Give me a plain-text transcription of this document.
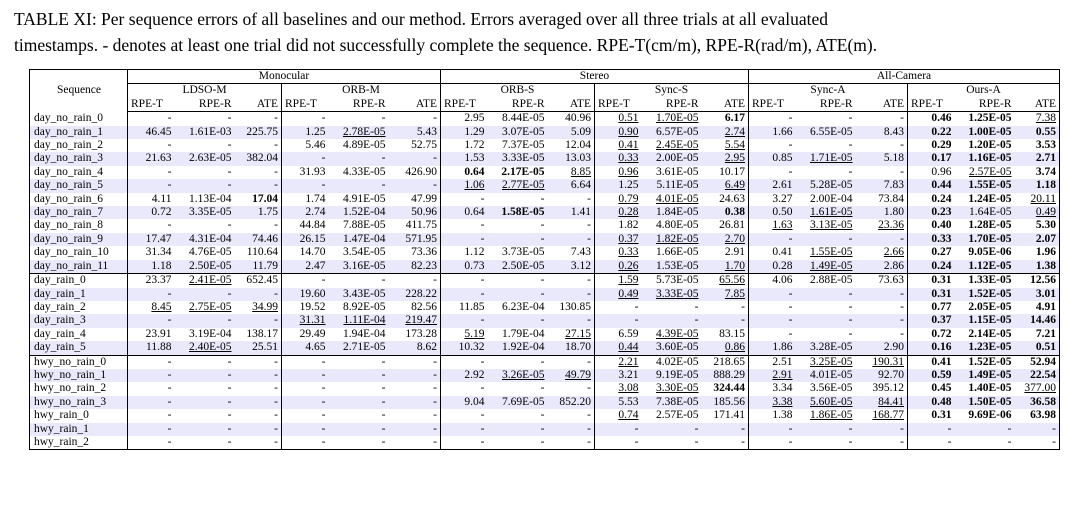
TABLE XI: Per sequence errors of all baselines and our method. Errors averaged over all three trials at all evaluated
timestamps. - denotes at least one trial did not successfully complete the sequence. RPE-T(cm/m), RPE-R(rad/m), ATE(m).
Sequence	Monocular						Stereo						All-Camera					
	LDSO-M			ORB-M			ORB-S			Sync-S			Sync-A			Ours-A		
	RPE-T	RPE-R	ATE	RPE-T	RPE-R	ATE	RPE-T	RPE-R	ATE	RPE-T	RPE-R	ATE	RPE-T	RPE-R	ATE	RPE-T	RPE-R	ATE
day_no_rain_0	-	-	-	-	-	-	2.95	8.44E-05	40.96	0.51	1.70E-05	6.17	-	-	-	0.46	1.25E-05	7.38
day_no_rain_1	46.45	1.61E-03	225.75	1.25	2.78E-05	5.43	1.29	3.07E-05	5.09	0.90	6.57E-05	2.74	1.66	6.55E-05	8.43	0.22	1.00E-05	0.55
day_no_rain_2	-	-	-	5.46	4.89E-05	52.75	1.72	7.37E-05	12.04	0.41	2.45E-05	5.54	-	-	-	0.29	1.20E-05	3.53
day_no_rain_3	21.63	2.63E-05	382.04	-	-	-	1.53	3.33E-05	13.03	0.33	2.00E-05	2.95	0.85	1.71E-05	5.18	0.17	1.16E-05	2.71
day_no_rain_4	-	-	-	31.93	4.33E-05	426.90	0.64	2.17E-05	8.85	0.96	3.61E-05	10.17	-	-	-	0.96	2.57E-05	3.74
day_no_rain_5	-	-	-	-	-	-	1.06	2.77E-05	6.64	1.25	5.11E-05	6.49	2.61	5.28E-05	7.83	0.44	1.55E-05	1.18
day_no_rain_6	4.11	1.13E-04	17.04	1.74	4.91E-05	47.99	-	-	-	0.79	4.01E-05	24.63	3.27	2.00E-04	73.84	0.24	1.24E-05	20.11
day_no_rain_7	0.72	3.35E-05	1.75	2.74	1.52E-04	50.96	0.64	1.58E-05	1.41	0.28	1.84E-05	0.38	0.50	1.61E-05	1.80	0.23	1.64E-05	0.49
day_no_rain_8	-	-	-	44.84	7.88E-05	411.75	-	-	-	1.82	4.80E-05	26.81	1.63	3.13E-05	23.36	0.40	1.28E-05	5.30
day_no_rain_9	17.47	4.31E-04	74.46	26.15	1.47E-04	571.95	-	-	-	0.37	1.82E-05	2.70	-	-	-	0.33	1.70E-05	2.07
day_no_rain_10	31.34	4.76E-05	110.64	14.70	3.54E-05	73.36	1.12	3.73E-05	7.43	0.33	1.66E-05	2.91	0.41	1.55E-05	2.66	0.27	9.05E-06	1.96
day_no_rain_11	1.18	2.50E-05	11.79	2.47	3.16E-05	82.23	0.73	2.50E-05	3.12	0.26	1.53E-05	1.70	0.28	1.49E-05	2.86	0.24	1.12E-05	1.38
day_rain_0	23.37	2.41E-05	652.45	-	-	-	-	-	-	1.59	5.73E-05	65.56	4.06	2.88E-05	73.63	0.31	1.33E-05	12.56
day_rain_1	-	-	-	19.60	3.43E-05	228.22	-	-	-	0.49	3.33E-05	7.85	-	-	-	0.31	1.52E-05	3.01
day_rain_2	8.45	2.75E-05	34.99	19.52	8.92E-05	82.56	11.85	6.23E-04	130.85	-	-	-	-	-	-	0.77	2.05E-05	4.91
day_rain_3	-	-	-	31.31	1.11E-04	219.47	-	-	-	-	-	-	-	-	-	0.37	1.15E-05	14.46
day_rain_4	23.91	3.19E-04	138.17	29.49	1.94E-04	173.28	5.19	1.79E-04	27.15	6.59	4.39E-05	83.15	-	-	-	0.72	2.14E-05	7.21
day_rain_5	11.88	2.40E-05	25.51	4.65	2.71E-05	8.62	10.32	1.92E-04	18.70	0.44	3.60E-05	0.86	1.86	3.28E-05	2.90	0.16	1.23E-05	0.51
hwy_no_rain_0	-	-	-	-	-	-	-	-	-	2.21	4.02E-05	218.65	2.51	3.25E-05	190.31	0.41	1.52E-05	52.94
hwy_no_rain_1	-	-	-	-	-	-	2.92	3.26E-05	49.79	3.21	9.19E-05	888.29	2.91	4.01E-05	92.70	0.59	1.49E-05	22.54
hwy_no_rain_2	-	-	-	-	-	-	-	-	-	3.08	3.30E-05	324.44	3.34	3.56E-05	395.12	0.45	1.40E-05	377.00
hwy_no_rain_3	-	-	-	-	-	-	9.04	7.69E-05	852.20	5.53	7.38E-05	185.56	3.38	5.60E-05	84.41	0.48	1.50E-05	36.58
hwy_rain_0	-	-	-	-	-	-	-	-	-	0.74	2.57E-05	171.41	1.38	1.86E-05	168.77	0.31	9.69E-06	63.98
hwy_rain_1	-	-	-	-	-	-	-	-	-	-	-	-	-	-	-	-	-	-
hwy_rain_2	-	-	-	-	-	-	-	-	-	-	-	-	-	-	-	-	-	-
